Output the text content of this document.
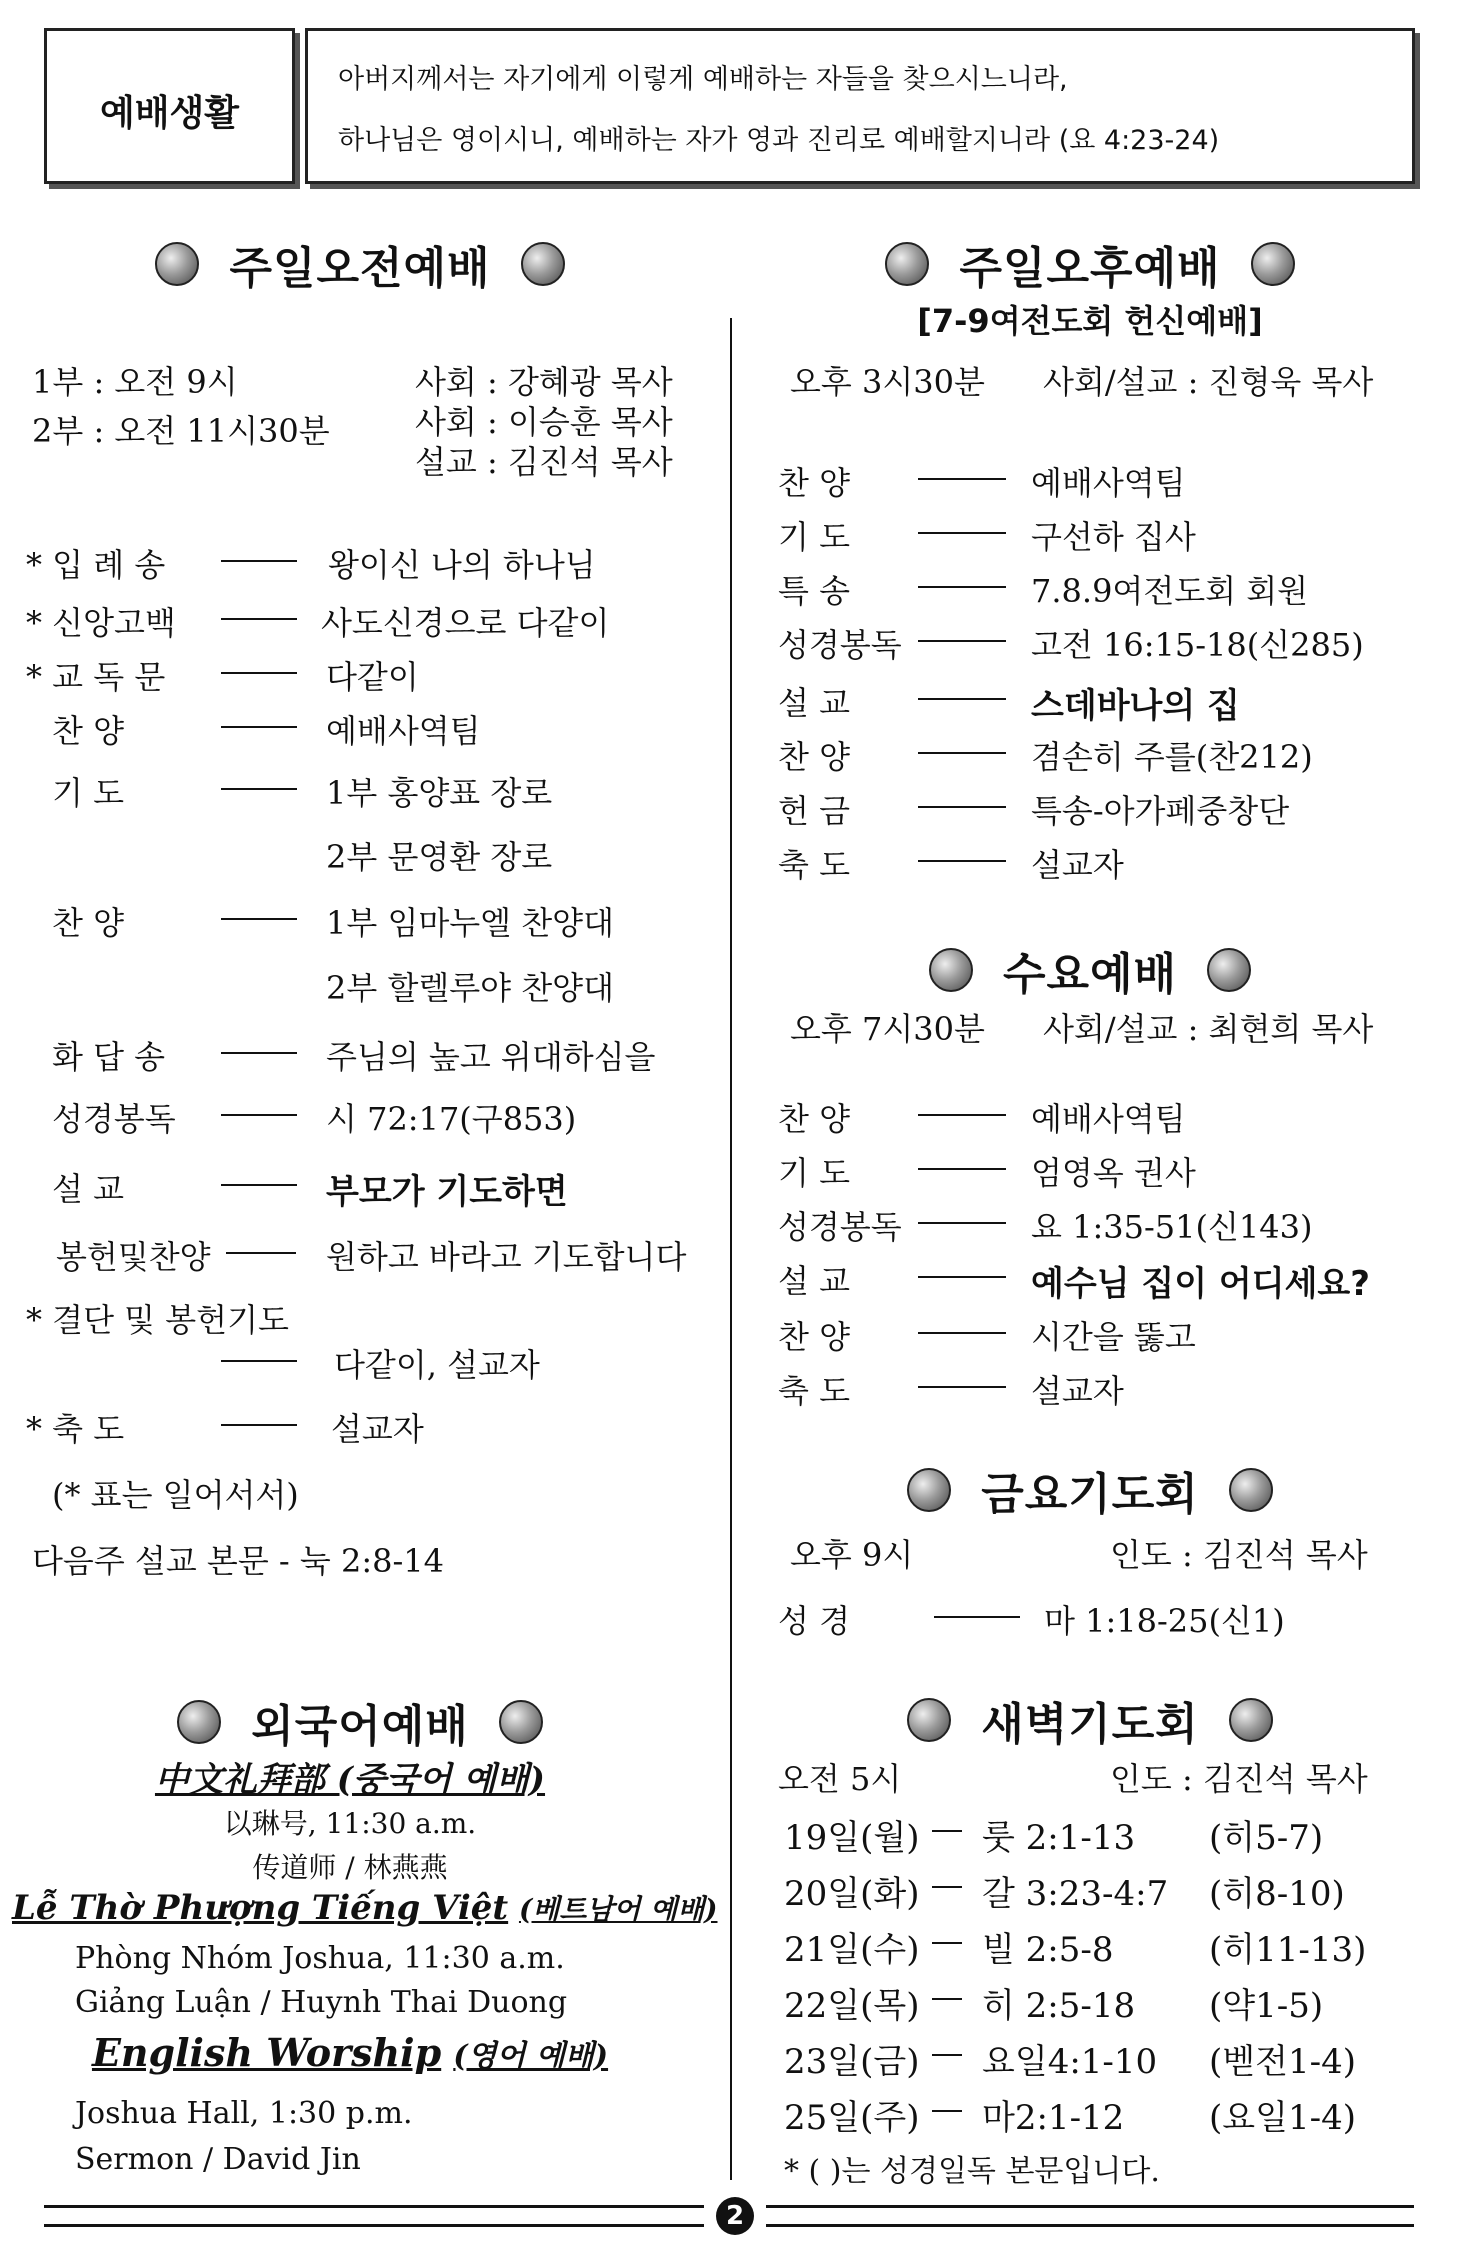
예배생활
아버지께서는 자기에게 이렇게 예배하는 자들을 찾으시느니라,
하나님은 영이시니, 예배하는 자가 영과 진리로 예배할지니라 (요 4:23-24)
주일오전예배
1부 : 오전 9시
2부 : 오전 11시30분
사회 : 강혜광 목사
사회 : 이승훈 목사
설교 : 김진석 목사
* 입 례 송	왕이신 나의 하나님
* 신앙고백	사도신경으로 다같이
* 교 독 문	다같이
찬 양	예배사역팀
기 도	1부 홍양표 장로
2부 문영환 장로
찬 양	1부 임마누엘 찬양대
2부 할렐루야 찬양대
화 답 송	주님의 높고 위대하심을
성경봉독	시 72:17(구853)
설 교	부모가 기도하면
봉헌및찬양	원하고 바라고 기도합니다
* 결단 및 봉헌기도
다같이, 설교자
* 축 도	설교자
(* 표는 일어서서)
다음주 설교 본문 - 눅 2:8-14
외국어예배
中文礼拜部 (중국어 예배)
以琳号, 11:30 a.m.
传道师 / 林燕燕
Lễ Thờ Phượng Tiếng Việt (베트남어 예배)
Phòng Nhóm Joshua, 11:30 a.m.
Giảng Luận / Huynh Thai Duong
English Worship (영어 예배)
Joshua Hall, 1:30 p.m.
Sermon / David Jin
주일오후예배
[7-9여전도회 헌신예배]
오후 3시30분 사회/설교 : 진형욱 목사
찬 양	예배사역팀
기 도	구선하 집사
특 송	7.8.9여전도회 회원
성경봉독	고전 16:15-18(신285)
설 교	스데바나의 집
찬 양	겸손히 주를(찬212)
헌 금	특송-아가페중창단
축 도	설교자
수요예배
오후 7시30분 사회/설교 : 최현희 목사
찬 양	예배사역팀
기 도	엄영옥 권사
성경봉독	요 1:35-51(신143)
설 교	예수님 집이 어디세요?
찬 양	시간을 뚫고
축 도	설교자
금요기도회
오후 9시	인도 : 김진석 목사
성 경	마 1:18-25(신1)
새벽기도회
오전 5시	인도 : 김진석 목사
19일(월) 룻 2:1-13 (히5-7)
20일(화) 갈 3:23-4:7 (히8-10)
21일(수) 빌 2:5-8	(히11-13)
22일(목) 히 2:5-18 (약1-5)
23일(금) 요일4:1-10 (벧전1-4)
25일(주) 마2:1-12 (요일1-4)
* ( )는 성경일독 본문입니다.
2
